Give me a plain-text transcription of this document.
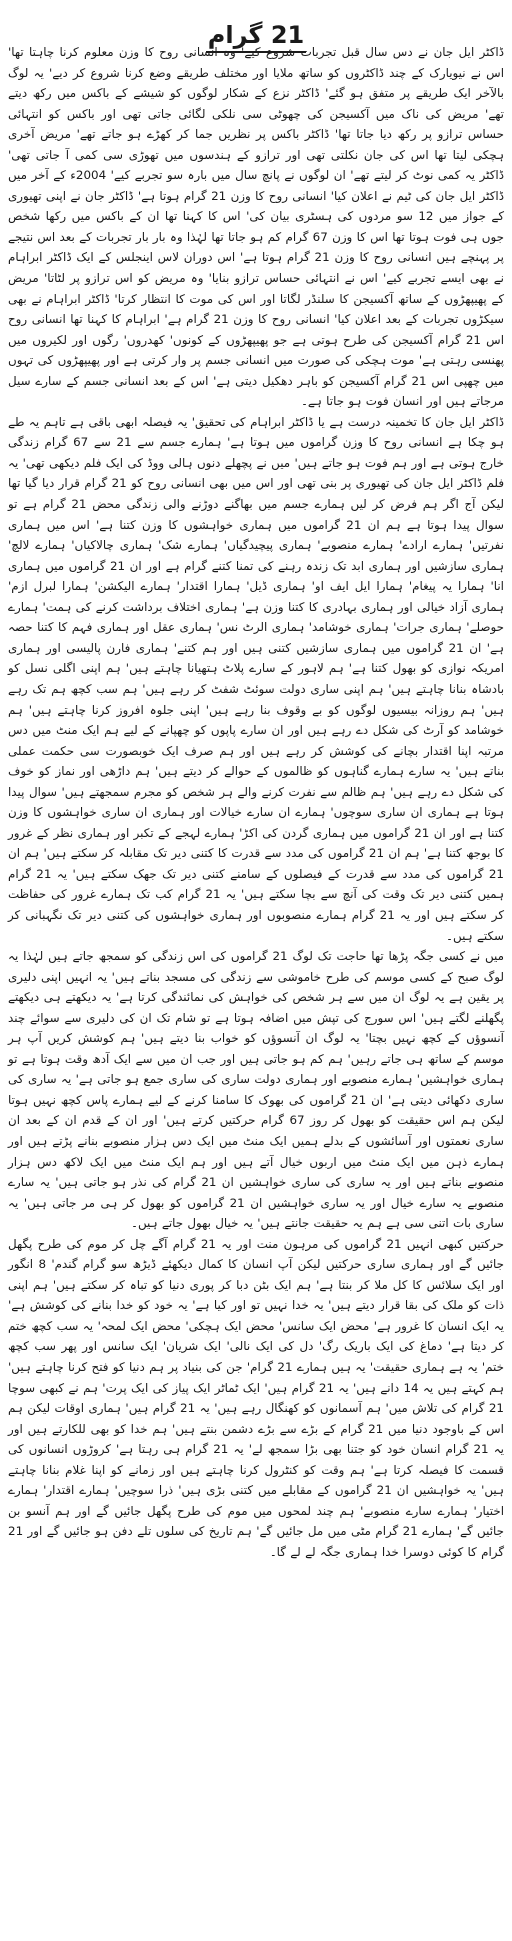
21 گرام

ڈاکٹر ایل جان نے دس سال قبل تجربات شروع کیے' وہ انسانی روح کا وزن معلوم کرنا چاہتا تھا' اس نے نیویارک کے چند ڈاکٹروں کو ساتھ ملایا اور مختلف طریقے وضع کرنا شروع کر دیے' یہ لوگ بالآخر ایک طریقے پر متفق ہو گئے' ڈاکٹر نزع کے شکار لوگوں کو شیشے کے باکس میں رکھ دیتے تھے' مریض کی ناک میں آکسیجن کی چھوٹی سی نلکی لگائی جاتی تھی اور باکس کو انتہائی حساس ترازو پر رکھ دیا جاتا تھا' ڈاکٹر باکس پر نظریں جما کر کھڑے ہو جاتے تھے' مریض آخری ہچکی لیتا تھا اس کی جان نکلتی تھی اور ترازو کے ہندسوں میں تھوڑی سی کمی آ جاتی تھی' ڈاکٹر یہ کمی نوٹ کر لیتے تھے' ان لوگوں نے پانچ سال میں بارہ سو تجربے کیے' 2004ء کے آخر میں ڈاکٹر ایل جان کی ٹیم نے اعلان کیا' انسانی روح کا وزن 21 گرام ہوتا ہے' ڈاکٹر جان نے اپنی تھیوری کے جواز میں 12 سو مردوں کی ہسٹری بیان کی' اس کا کہنا تھا ان کے باکس میں رکھا شخص جوں ہی فوت ہوتا تھا اس کا وزن 67 گرام کم ہو جاتا تھا لہٰذا وہ بار بار تجربات کے بعد اس نتیجے پر پہنچے ہیں انسانی روح کا وزن 21 گرام ہوتا ہے' اس دوران لاس اینجلس کے ایک ڈاکٹر ابراہام نے بھی ایسے تجربے کیے' اس نے انتہائی حساس ترازو بنایا' وہ مریض کو اس ترازو پر لٹاتا' مریض کے پھیپھڑوں کے ساتھ آکسیجن کا سلنڈر لگاتا اور اس کی موت کا انتظار کرتا' ڈاکٹر ابراہام نے بھی سیکڑوں تجربات کے بعد اعلان کیا' انسانی روح کا وزن 21 گرام ہے' ابراہام کا کہنا تھا انسانی روح اس 21 گرام آکسیجن کی طرح ہوتی ہے جو پھیپھڑوں کے کونوں' کھدروں' رگوں اور لکیروں میں پھنسی رہتی ہے' موت ہچکی کی صورت میں انسانی جسم پر وار کرتی ہے اور پھیپھڑوں کی تہوں میں چھپی اس 21 گرام آکسیجن کو باہر دھکیل دیتی ہے' اس کے بعد انسانی جسم کے سارے سیل مرجاتے ہیں اور انسان فوت ہو جاتا ہے۔

ڈاکٹر ایل جان کا تخمینہ درست ہے یا ڈاکٹر ابراہام کی تحقیق' یہ فیصلہ ابھی باقی ہے تاہم یہ طے ہو چکا ہے انسانی روح کا وزن گراموں میں ہوتا ہے' ہمارے جسم سے 21 سے 67 گرام زندگی خارج ہوتی ہے اور ہم فوت ہو جاتے ہیں' میں نے پچھلے دنوں ہالی ووڈ کی ایک فلم دیکھی تھی' یہ فلم ڈاکٹر ایل جان کی تھیوری پر بنی تھی اور اس میں بھی انسانی روح کو 21 گرام قرار دیا گیا تھا لیکن آج اگر ہم فرض کر لیں ہمارے جسم میں بھاگنے دوڑنے والی زندگی محض 21 گرام ہے تو سوال پیدا ہوتا ہے ہم ان 21 گراموں میں ہماری خواہشوں کا وزن کتنا ہے' اس میں ہماری نفرتیں' ہمارے ارادے' ہمارے منصوبے' ہماری پیچیدگیاں' ہمارے شک' ہماری چالاکیاں' ہمارے لالچ' ہماری سازشیں اور ہماری ابد تک زندہ رہنے کی تمنا کتنے گرام ہے اور ان 21 گراموں میں ہماری انا' ہمارا یہ پیغام' ہمارا ایل ایف او' ہماری ڈیل' ہمارا اقتدار' ہمارے الیکشن' ہمارا لبرل ازم' ہماری آزاد خیالی اور ہماری بہادری کا کتنا وزن ہے' ہماری اختلاف برداشت کرنے کی ہمت' ہمارے حوصلے' ہماری جرات' ہماری خوشامد' ہماری الرٹ نس' ہماری عقل اور ہماری فہم کا کتنا حصہ ہے' ان 21 گراموں میں ہماری سازشیں کتنی ہیں اور ہم کتنے' ہماری فارن پالیسی اور ہماری امریکہ نوازی کو بھول کتنا ہے' ہم لاہور کے سارے پلاٹ ہتھیانا چاہتے ہیں' ہم اپنی اگلی نسل کو بادشاہ بنانا چاہتے ہیں' ہم اپنی ساری دولت سوئٹ شفٹ کر رہے ہیں' ہم سب کچھ ہم تک رہے ہیں' ہم روزانہ بیسیوں لوگوں کو بے وقوف بنا رہے ہیں' اپنی جلوہ افروز کرنا چاہتے ہیں' ہم خوشامد کو آرٹ کی شکل دے رہے ہیں اور ان سارے پاپوں کو چھپانے کے لیے ہم ایک منٹ میں دس مرتبہ اپنا اقتدار بچانے کی کوشش کر رہے ہیں اور ہم صرف ایک خوبصورت سی حکمت عملی بناتے ہیں' یہ سارے ہمارے گناہوں کو ظالموں کے حوالے کر دیتے ہیں' ہم داڑھی اور نماز کو خوف کی شکل دے رہے ہیں' ہم ظالم سے نفرت کرنے والے ہر شخص کو مجرم سمجھتے ہیں' سوال پیدا ہوتا ہے ہماری ان ساری سوچوں' ہمارے ان سارے خیالات اور ہماری ان ساری خواہشوں کا وزن کتنا ہے اور ان 21 گراموں میں ہماری گردن کی اکڑ' ہمارے لہجے کے تکبر اور ہماری نظر کے غرور کا بوجھ کتنا ہے' ہم ان 21 گراموں کی مدد سے قدرت کا کتنی دیر تک مقابلہ کر سکتے ہیں' ہم ان 21 گراموں کی مدد سے قدرت کے فیصلوں کے سامنے کتنی دیر تک جھک سکتے ہیں' یہ 21 گرام ہمیں کتنی دیر تک وقت کی آنچ سے بچا سکتے ہیں' یہ 21 گرام کب تک ہمارے غرور کی حفاظت کر سکتے ہیں اور یہ 21 گرام ہمارے منصوبوں اور ہماری خواہشوں کی کتنی دیر تک نگہبانی کر سکتے ہیں۔

میں نے کسی جگہ پڑھا تھا حاجت تک لوگ 21 گراموں کی اس زندگی کو سمجھ جاتے ہیں لہٰذا یہ لوگ صبح کے کسی موسم کی طرح خاموشی سے زندگی کی مسجد بناتے ہیں' یہ انہیں اپنی دلیری پر یقین ہے یہ لوگ ان میں سے ہر شخص کی خواہش کی نمائندگی کرتا ہے' یہ دیکھتے ہی دیکھتے پگھلنے لگتے ہیں' اس سورج کی تپش میں اضافہ ہوتا ہے تو شام تک ان کی دلیری سے سوائے چند آنسوؤں کے کچھ نہیں بچتا' یہ لوگ ان آنسوؤں کو خواب بنا دیتے ہیں' ہم کوشش کریں آپ ہر موسم کے ساتھ ہی جاتے رہیں' ہم کم ہو جاتی ہیں اور جب ان میں سے ایک آدھ وقت ہوتا ہے تو ہماری خواہشیں' ہمارے منصوبے اور ہماری دولت ساری کی ساری جمع ہو جاتی ہے' یہ ساری کی ساری دکھائی دیتی ہے' ان 21 گراموں کی بھوک کا سامنا کرنے کے لیے ہمارے پاس کچھ نہیں ہوتا لیکن ہم اس حقیقت کو بھول کر روز 67 گرام حرکتیں کرتے ہیں' اور ان کے قدم ان کے بعد ان ساری نعمتوں اور آسائشوں کے بدلے ہمیں ایک منٹ میں ایک دس ہزار منصوبے بنانے پڑتے ہیں اور ہمارے ذہن میں ایک منٹ میں اربوں خیال آتے ہیں اور ہم ایک منٹ میں ایک لاکھ دس ہزار منصوبے بناتے ہیں اور یہ ساری کی ساری خواہشیں ان 21 گرام کی نذر ہو جاتی ہیں' یہ سارے منصوبے یہ سارے خیال اور یہ ساری خواہشیں ان 21 گراموں کو بھول کر ہی مر جاتی ہیں' یہ ساری بات اتنی سی ہے ہم یہ حقیقت جانتے ہیں' یہ خیال بھول جاتے ہیں۔

حرکتیں کبھی انہیں 21 گراموں کی مرہون منت اور یہ 21 گرام آگے چل کر موم کی طرح پگھل جائیں گے اور ہماری ساری حرکتیں لیکن آپ انسان کا کمال دیکھئے ڈیڑھ سو گرام گندم' 8 انگور اور ایک سلائس کا کل ملا کر بنتا ہے' ہم ایک بٹن دبا کر پوری دنیا کو تباہ کر سکتے ہیں' ہم اپنی ذات کو ملک کی بقا قرار دیتے ہیں' یہ خدا نہیں تو اور کیا ہے' یہ خود کو خدا بنانے کی کوشش ہے' یہ ایک انسان کا غرور ہے' محض ایک سانس' محض ایک ہچکی' محض ایک لمحہ' یہ سب کچھ ختم کر دیتا ہے' دماغ کی ایک باریک رگ' دل کی ایک نالی' ایک شریان' ایک سانس اور پھر سب کچھ ختم' یہ ہے ہماری حقیقت' یہ ہیں ہمارے 21 گرام' جن کی بنیاد پر ہم دنیا کو فتح کرنا چاہتے ہیں' ہم کہتے ہیں یہ 14 دانے ہیں' یہ 21 گرام ہیں' ایک ٹماٹر ایک پیاز کی ایک پرت' ہم نے کبھی سوچا 21 گرام کی تلاش میں' ہم آسمانوں کو کھنگال رہے ہیں' یہ 21 گرام ہیں' ہماری اوقات لیکن ہم اس کے باوجود دنیا میں 21 گرام کے بڑے سے بڑے دشمن بنتے ہیں' ہم خدا کو بھی للکارتے ہیں اور یہ 21 گرام انسان خود کو جتنا بھی بڑا سمجھ لے' یہ 21 گرام ہی رہتا ہے' کروڑوں انسانوں کی قسمت کا فیصلہ کرتا ہے' ہم وقت کو کنٹرول کرنا چاہتے ہیں اور زمانے کو اپنا غلام بنانا چاہتے ہیں' یہ خواہشیں ان 21 گراموں کے مقابلے میں کتنی بڑی ہیں' ذرا سوچیں' ہمارے اقتدار' ہمارے اختیار' ہمارے سارے منصوبے' ہم چند لمحوں میں موم کی طرح پگھل جائیں گے اور ہم آنسو بن جائیں گے' ہمارے 21 گرام مٹی میں مل جائیں گے' ہم تاریخ کی سلوں تلے دفن ہو جائیں گے اور 21 گرام کا کوئی دوسرا خدا ہماری جگہ لے لے گا۔
